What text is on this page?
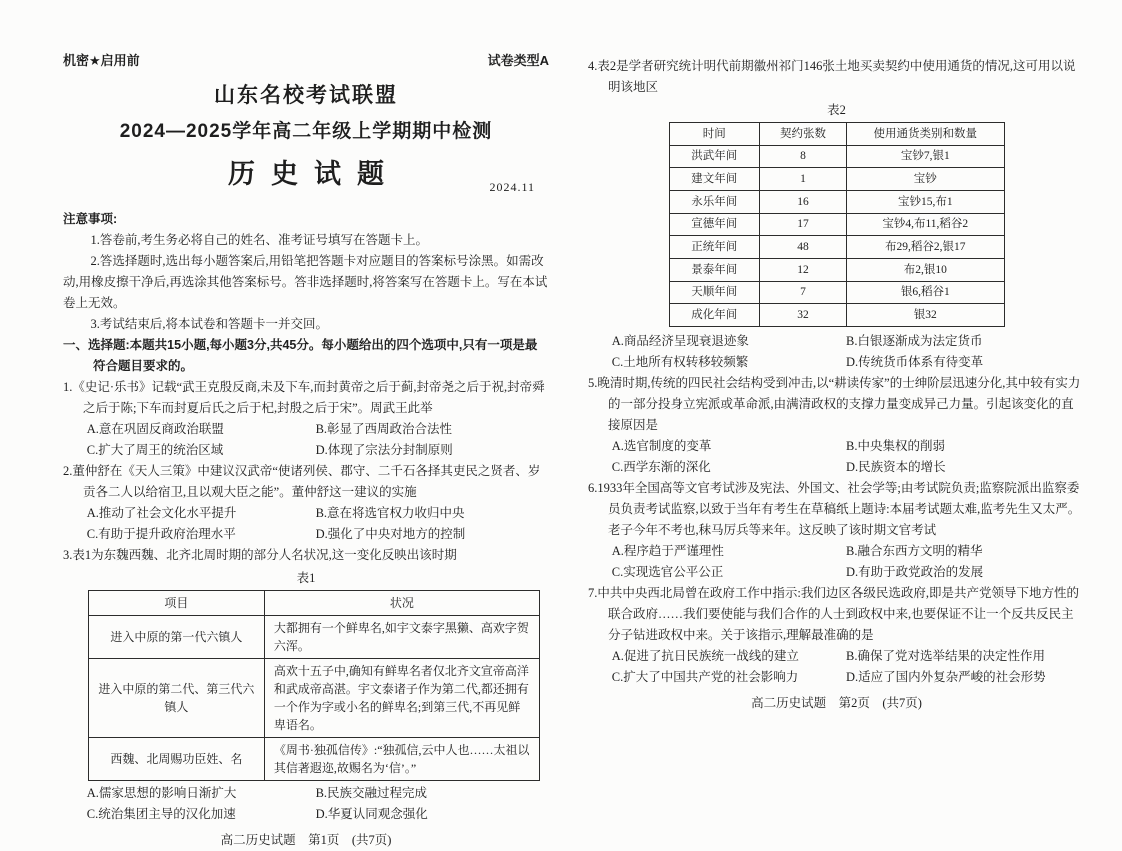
机密★启用前	试卷类型A
山东名校考试联盟
2024—2025学年高二年级上学期期中检测
历史试题	2024.11
注意事项:

1.答卷前,考生务必将自己的姓名、准考证号填写在答题卡上。

2.答选择题时,选出每小题答案后,用铅笔把答题卡对应题目的答案标号涂黑。如需改动,用橡皮擦干净后,再选涂其他答案标号。答非选择题时,将答案写在答题卡上。写在本试卷上无效。

3.考试结束后,将本试卷和答题卡一并交回。

一、选择题:本题共15小题,每小题3分,共45分。每小题给出的四个选项中,只有一项是最符合题目要求的。

1.《史记·乐书》记载“武王克殷反商,未及下车,而封黄帝之后于蓟,封帝尧之后于祝,封帝舜之后于陈;下车而封夏后氏之后于杞,封殷之后于宋”。周武王此举

A.意在巩固反商政治联盟	B.彰显了西周政治合法性
C.扩大了周王的统治区域	D.体现了宗法分封制原则

2.董仲舒在《天人三策》中建议汉武帝“使诸列侯、郡守、二千石各择其吏民之贤者、岁贡各二人以给宿卫,且以观大臣之能”。董仲舒这一建议的实施

A.推动了社会文化水平提升	B.意在将选官权力收归中央
C.有助于提升政府治理水平	D.强化了中央对地方的控制

3.表1为东魏西魏、北齐北周时期的部分人名状况,这一变化反映出该时期

表1
项目	状况
进入中原的第一代六镇人	大都拥有一个鲜卑名,如宇文泰字黑獭、高欢字贺六浑。
进入中原的第二代、第三代六镇人	高欢十五子中,确知有鲜卑名者仅北齐文宣帝高洋和武成帝高湛。宇文泰诸子作为第二代,都还拥有一个作为字或小名的鲜卑名;到第三代,不再见鲜卑语名。
西魏、北周赐功臣姓、名	《周书·独孤信传》:“独孤信,云中人也……太祖以其信著遐迩,故赐名为‘信’。”
A.儒家思想的影响日渐扩大	B.民族交融过程完成
C.统治集团主导的汉化加速	D.华夏认同观念强化
高二历史试题　第1页　(共7页)

4.表2是学者研究统计明代前期徽州祁门146张土地买卖契约中使用通货的情况,这可用以说明该地区

表2
时间	契约张数	使用通货类别和数量
洪武年间	8	宝钞7,银1
建文年间	1	宝钞
永乐年间	16	宝钞15,布1
宣德年间	17	宝钞4,布11,稻谷2
正统年间	48	布29,稻谷2,银17
景泰年间	12	布2,银10
天顺年间	7	银6,稻谷1
成化年间	32	银32
A.商品经济呈现衰退迹象	B.白银逐渐成为法定货币
C.土地所有权转移较频繁	D.传统货币体系有待变革

5.晚清时期,传统的四民社会结构受到冲击,以“耕读传家”的士绅阶层迅速分化,其中较有实力的一部分投身立宪派或革命派,由满清政权的支撑力量变成异己力量。引起该变化的直接原因是

A.选官制度的变革	B.中央集权的削弱
C.西学东渐的深化	D.民族资本的增长

6.1933年全国高等文官考试涉及宪法、外国文、社会学等;由考试院负责;监察院派出监察委员负责考试监察,以致于当年有考生在草稿纸上题诗:本届考试题太难,监考先生又太严。老子今年不考也,秣马厉兵等来年。这反映了该时期文官考试

A.程序趋于严谨理性	B.融合东西方文明的精华
C.实现选官公平公正	D.有助于政党政治的发展

7.中共中央西北局曾在政府工作中指示:我们边区各级民选政府,即是共产党领导下地方性的联合政府……我们要使能与我们合作的人士到政权中来,也要保证不让一个反共反民主分子钻进政权中来。关于该指示,理解最准确的是

A.促进了抗日民族统一战线的建立	B.确保了党对选举结果的决定性作用
C.扩大了中国共产党的社会影响力	D.适应了国内外复杂严峻的社会形势
高二历史试题　第2页　(共7页)
